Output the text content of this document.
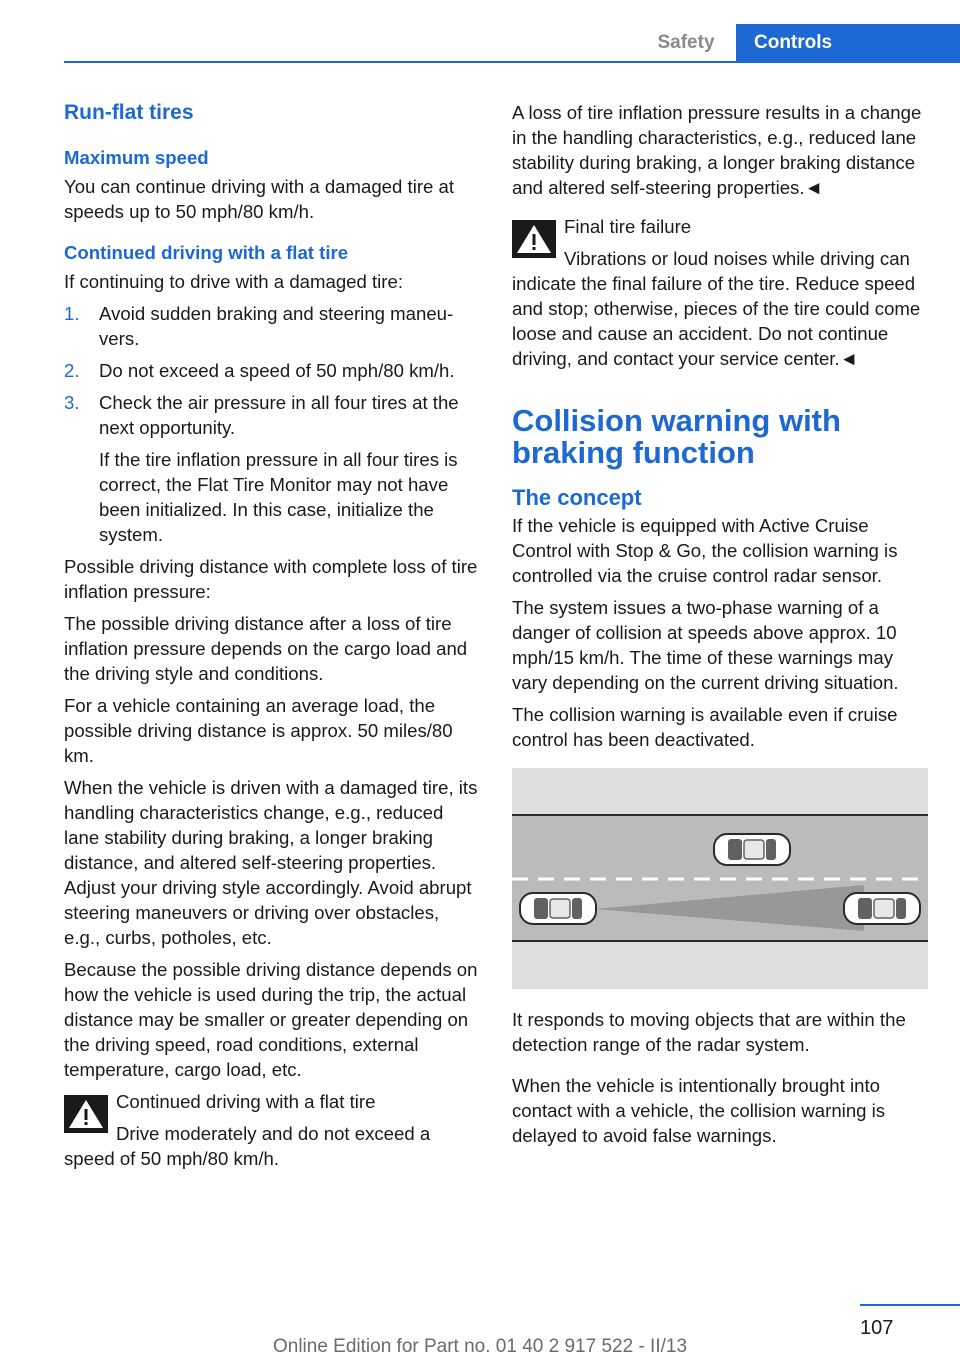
Safety	Controls
Run-flat tires
Maximum speed

You can continue driving with a damaged tire at speeds up to 50 mph/80 km/h.

Continued driving with a flat tire

If continuing to drive with a damaged tire:

1. Avoid sudden braking and steering maneuvers.
2. Do not exceed a speed of 50 mph/80 km/h.
3. Check the air pressure in all four tires at the next opportunity.
If the tire inflation pressure in all four tires is correct, the Flat Tire Monitor may not have been initialized. In this case, initialize the system.

Possible driving distance with complete loss of tire inflation pressure:

The possible driving distance after a loss of tire inflation pressure depends on the cargo load and the driving style and conditions.

For a vehicle containing an average load, the possible driving distance is approx. 50 miles/80 km.

When the vehicle is driven with a damaged tire, its handling characteristics change, e.g., reduced lane stability during braking, a longer braking distance, and altered self-steering properties. Adjust your driving style accordingly. Avoid abrupt steering maneuvers or driving over obstacles, e.g., curbs, potholes, etc.

Because the possible driving distance depends on how the vehicle is used during the trip, the actual distance may be smaller or greater depending on the driving speed, road conditions, external temperature, cargo load, etc.

Continued driving with a flat tire
Drive moderately and do not exceed a speed of 50 mph/80 km/h.

A loss of tire inflation pressure results in a change in the handling characteristics, e.g., reduced lane stability during braking, a longer braking distance and altered self-steering properties.◄

Final tire failure
Vibrations or loud noises while driving can indicate the final failure of the tire. Reduce speed and stop; otherwise, pieces of the tire could come loose and cause an accident. Do not continue driving, and contact your service center.◄
Collision warning with braking function
The concept

If the vehicle is equipped with Active Cruise Control with Stop & Go, the collision warning is controlled via the cruise control radar sensor.

The system issues a two-phase warning of a danger of collision at speeds above approx. 10 mph/15 km/h. The time of these warnings may vary depending on the current driving situation.

The collision warning is available even if cruise control has been deactivated.

It responds to moving objects that are within the detection range of the radar system.

When the vehicle is intentionally brought into contact with a vehicle, the collision warning is delayed to avoid false warnings.

107
Online Edition for Part no. 01 40 2 917 522 - II/13
